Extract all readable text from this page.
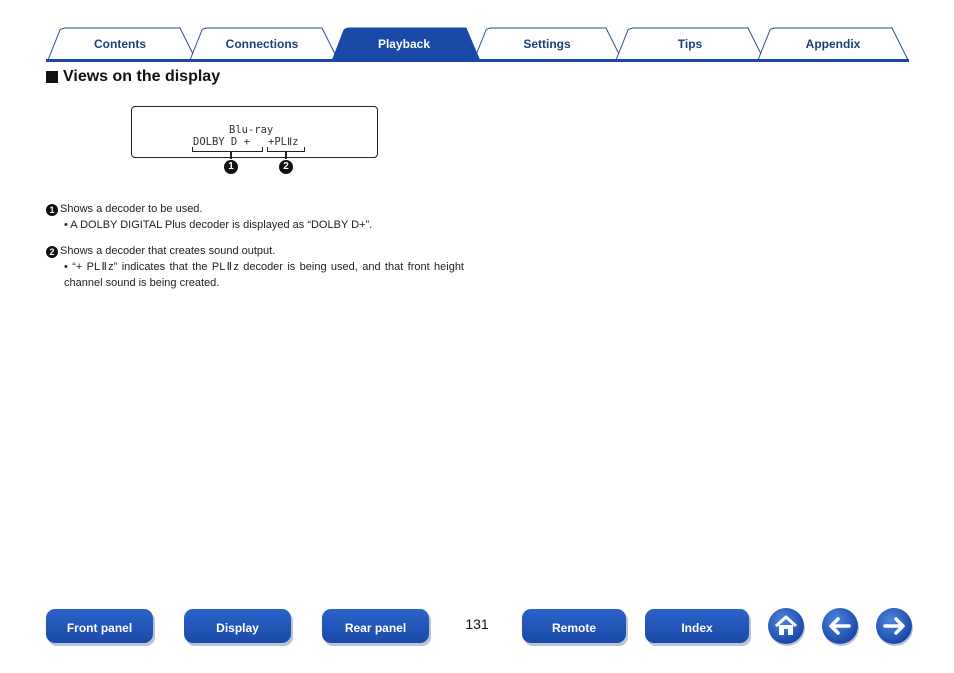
Contents	Connections	Playback	Settings	Tips	Appendix
Views on the display
Blu-ray
DOLBY D + +PLⅡz
1	2
1 Shows a decoder to be used.
• A DOLBY DIGITAL Plus decoder is displayed as “DOLBY D+”.
2 Shows a decoder that creates sound output.
• “+ PLⅡz” indicates that the PLⅡz decoder is being used, and that front height channel sound is being created.
Front panel	Display	Rear panel	131	Remote	Index
